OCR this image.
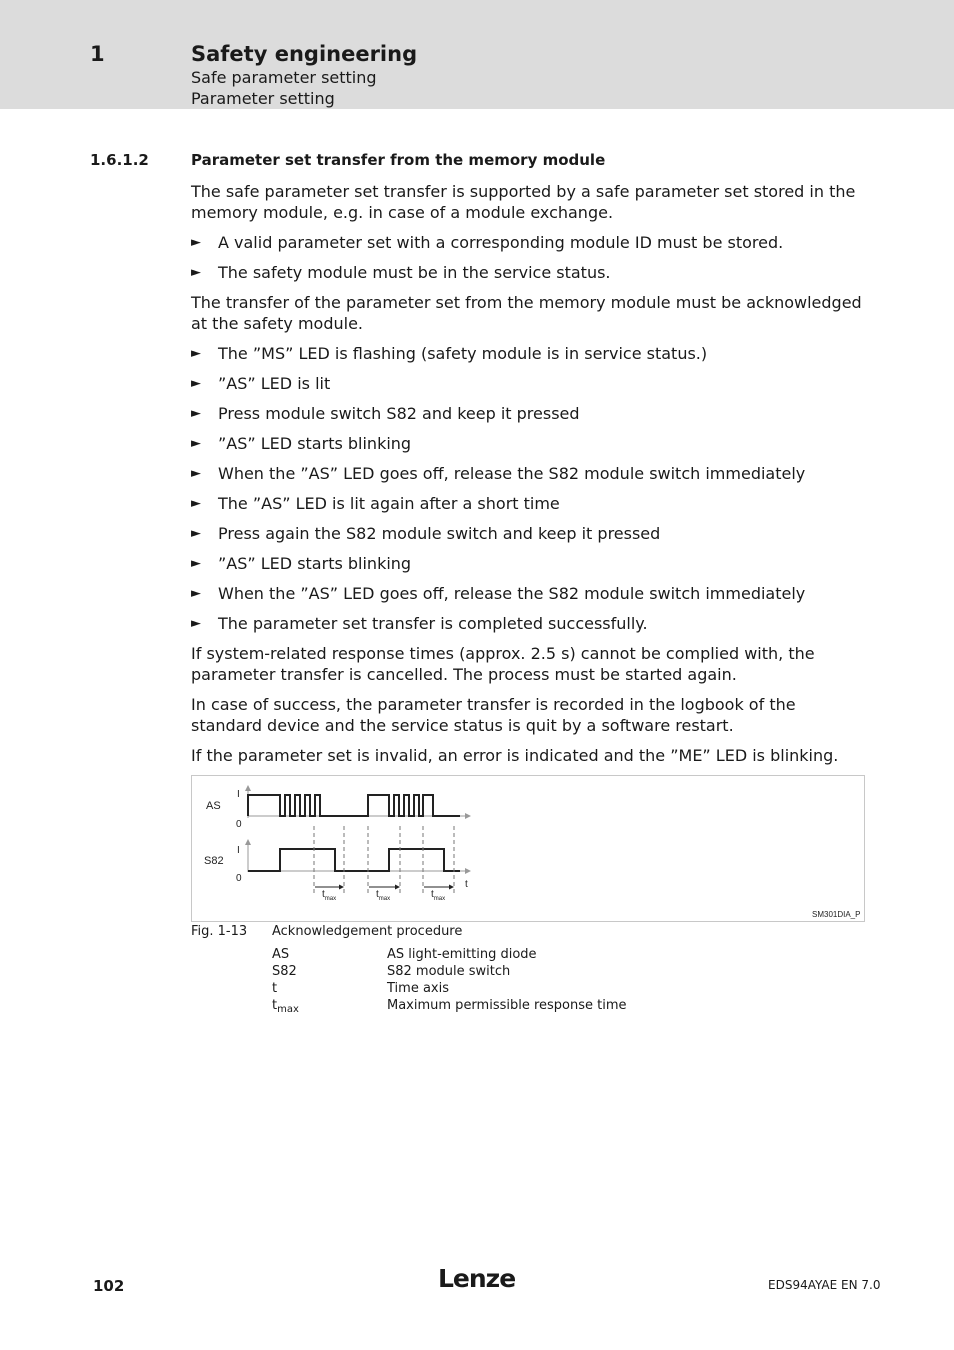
1	Safety engineering
Safe parameter setting
Parameter setting
1.6.1.2	Parameter set transfer from the memory module

The safe parameter set transfer is supported by a safe parameter set stored in the memory module, e.g. in case of a module exchange.

► A valid parameter set with a corresponding module ID must be stored.
► The safety module must be in the service status.

The transfer of the parameter set from the memory module must be acknowledged at the safety module.

► The ”MS” LED is flashing (safety module is in service status.)
► ”AS” LED is lit
► Press module switch S82 and keep it pressed
► ”AS” LED starts blinking
► When the ”AS” LED goes off, release the S82 module switch immediately
► The ”AS” LED is lit again after a short time
► Press again the S82 module switch and keep it pressed
► ”AS” LED starts blinking
► When the ”AS” LED goes off, release the S82 module switch immediately
► The parameter set transfer is completed successfully.

If system-related response times (approx. 2.5 s) cannot be complied with, the parameter transfer is cancelled. The process must be started again.

In case of success, the parameter transfer is recorded in the logbook of the standard device and the service status is quit by a software restart.

If the parameter set is invalid, an error is indicated and the ”ME” LED is blinking.

AS
I
0
S82
I
0
$t_{max}$	$t_{max}$	$t_{max}$
t
SM301DIA_P
Fig. 1-13 Acknowledgement procedure
AS	AS light-emitting diode
S82	S82 module switch
t	Time axis
$t_{max}$	Maximum permissible response time
102	Lenze	EDS94AYAE EN 7.0
